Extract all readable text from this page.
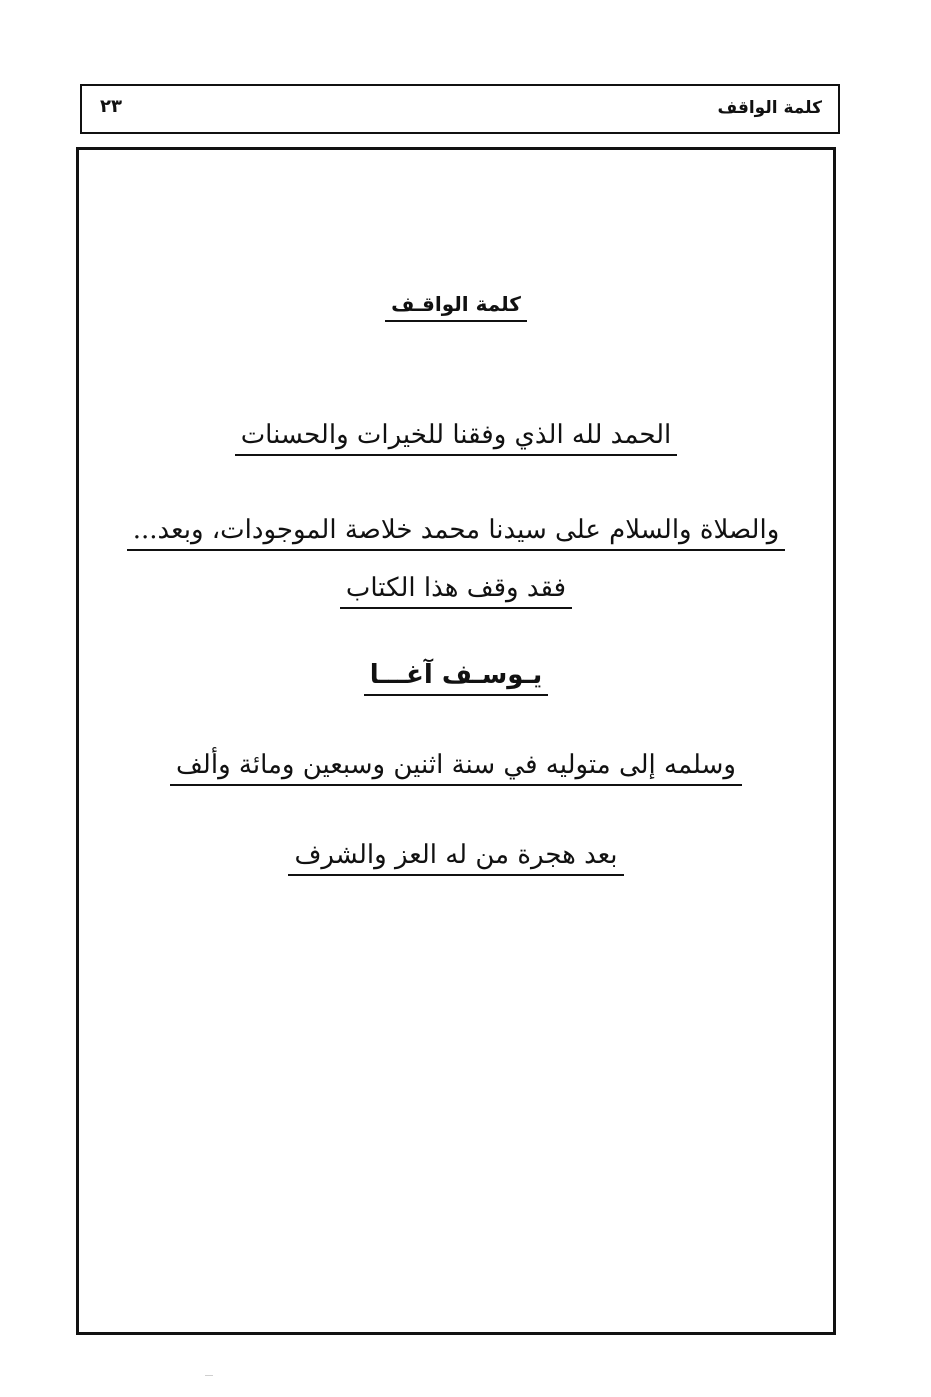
كلمة الواقف
٢٣
كلمة الواقـف
الحمد لله الذي وفقنا للخيرات والحسنات
والصلاة والسلام على سيدنا محمد خلاصة الموجودات، وبعد...
فقد وقف هذا الكتاب
يـوسـف آغـــا
وسلمه إلى متوليه في سنة اثنين وسبعين ومائة وألف
بعد هجرة من له العز والشرف
